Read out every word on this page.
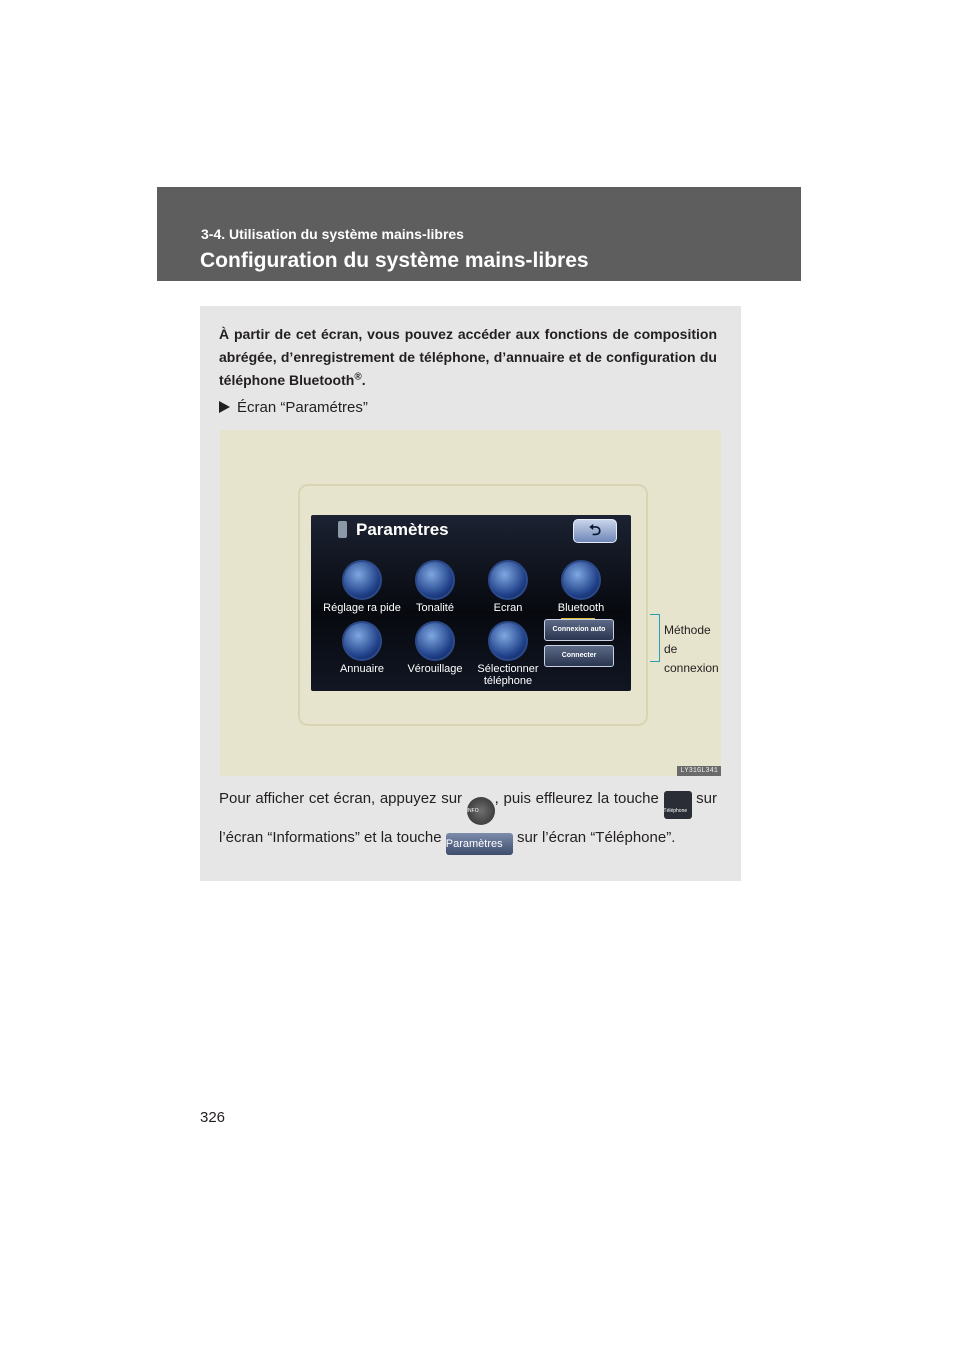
3-4. Utilisation du système mains-libres
Configuration du système mains-libres
À partir de cet écran, vous pouvez accéder aux fonctions de composition abrégée, d’enregistrement de téléphone, d’annuaire et de configuration du téléphone Bluetooth®.
Écran “Paramétres”
Paramètres	⮌
Réglage ra pide	Tonalité	Ecran	Bluetooth
Annuaire	Vérouillage	Sélectionner téléphone
Connexion auto
Connecter
Méthode de connexion
LY31GL341
Pour afficher cet écran, appuyez sur INFO, puis effleurez la touche Téléphone sur l’écran “Informations” et la touche Paramètres sur l’écran “Téléphone”.
326
